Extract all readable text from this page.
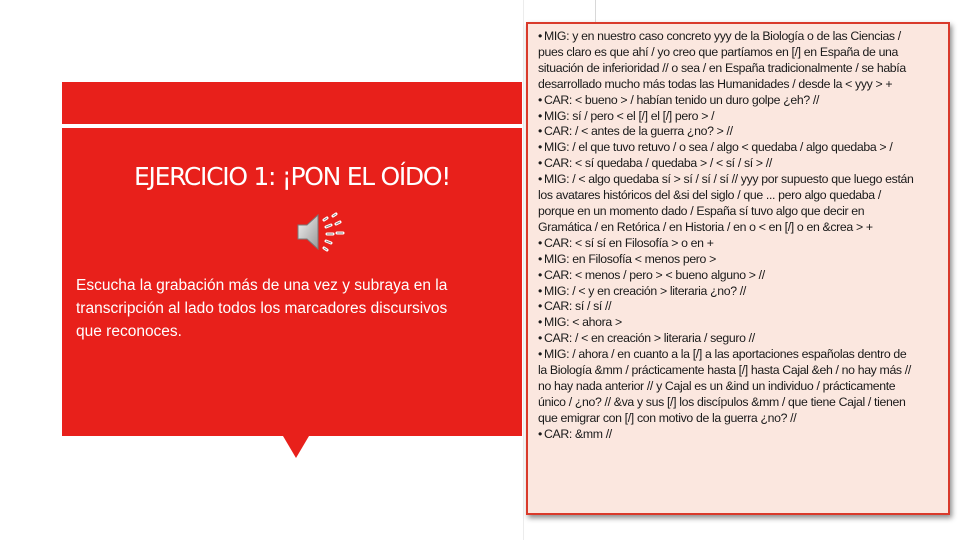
EJERCICIO 1: ¡PON EL OÍDO!
Escucha la grabación más de una vez y subraya en la
transcripción al lado todos los marcadores discursivos
que reconoces.
• MIG: y en nuestro caso concreto yyy de la Biología o de las Ciencias /
pues claro es que ahí / yo creo que partíamos en [/] en España de una
situación de inferioridad // o sea / en España tradicionalmente / se había
desarrollado mucho más todas las Humanidades / desde la < yyy > +
• CAR: < bueno > / habían tenido un duro golpe ¿eh? //
• MIG: sí / pero < el [/] el [/] pero > /
• CAR: / < antes de la guerra ¿no? > //
• MIG: / el que tuvo retuvo / o sea / algo < quedaba / algo quedaba > /
• CAR: < sí quedaba / quedaba > / < sí / sí > //
• MIG: / < algo quedaba sí > sí / sí / sí // yyy por supuesto que luego están
los avatares históricos del &si del siglo / que ... pero algo quedaba /
porque en un momento dado / España sí tuvo algo que decir en
Gramática / en Retórica / en Historia / en o < en [/] o en &crea > +
• CAR: < sí sí en Filosofía > o en +
• MIG: en Filosofía < menos pero >
• CAR: < menos / pero > < bueno alguno > //
• MIG: / < y en creación > literaria ¿no? //
• CAR: sí / sí //
• MIG: < ahora >
• CAR: / < en creación > literaria / seguro //
• MIG: / ahora / en cuanto a la [/] a las aportaciones españolas dentro de
la Biología &mm / prácticamente hasta [/] hasta Cajal &eh / no hay más //
no hay nada anterior // y Cajal es un &ind un individuo / prácticamente
único / ¿no? // &va y sus [/] los discípulos &mm / que tiene Cajal / tienen
que emigrar con [/] con motivo de la guerra ¿no? //
• CAR: &mm //
